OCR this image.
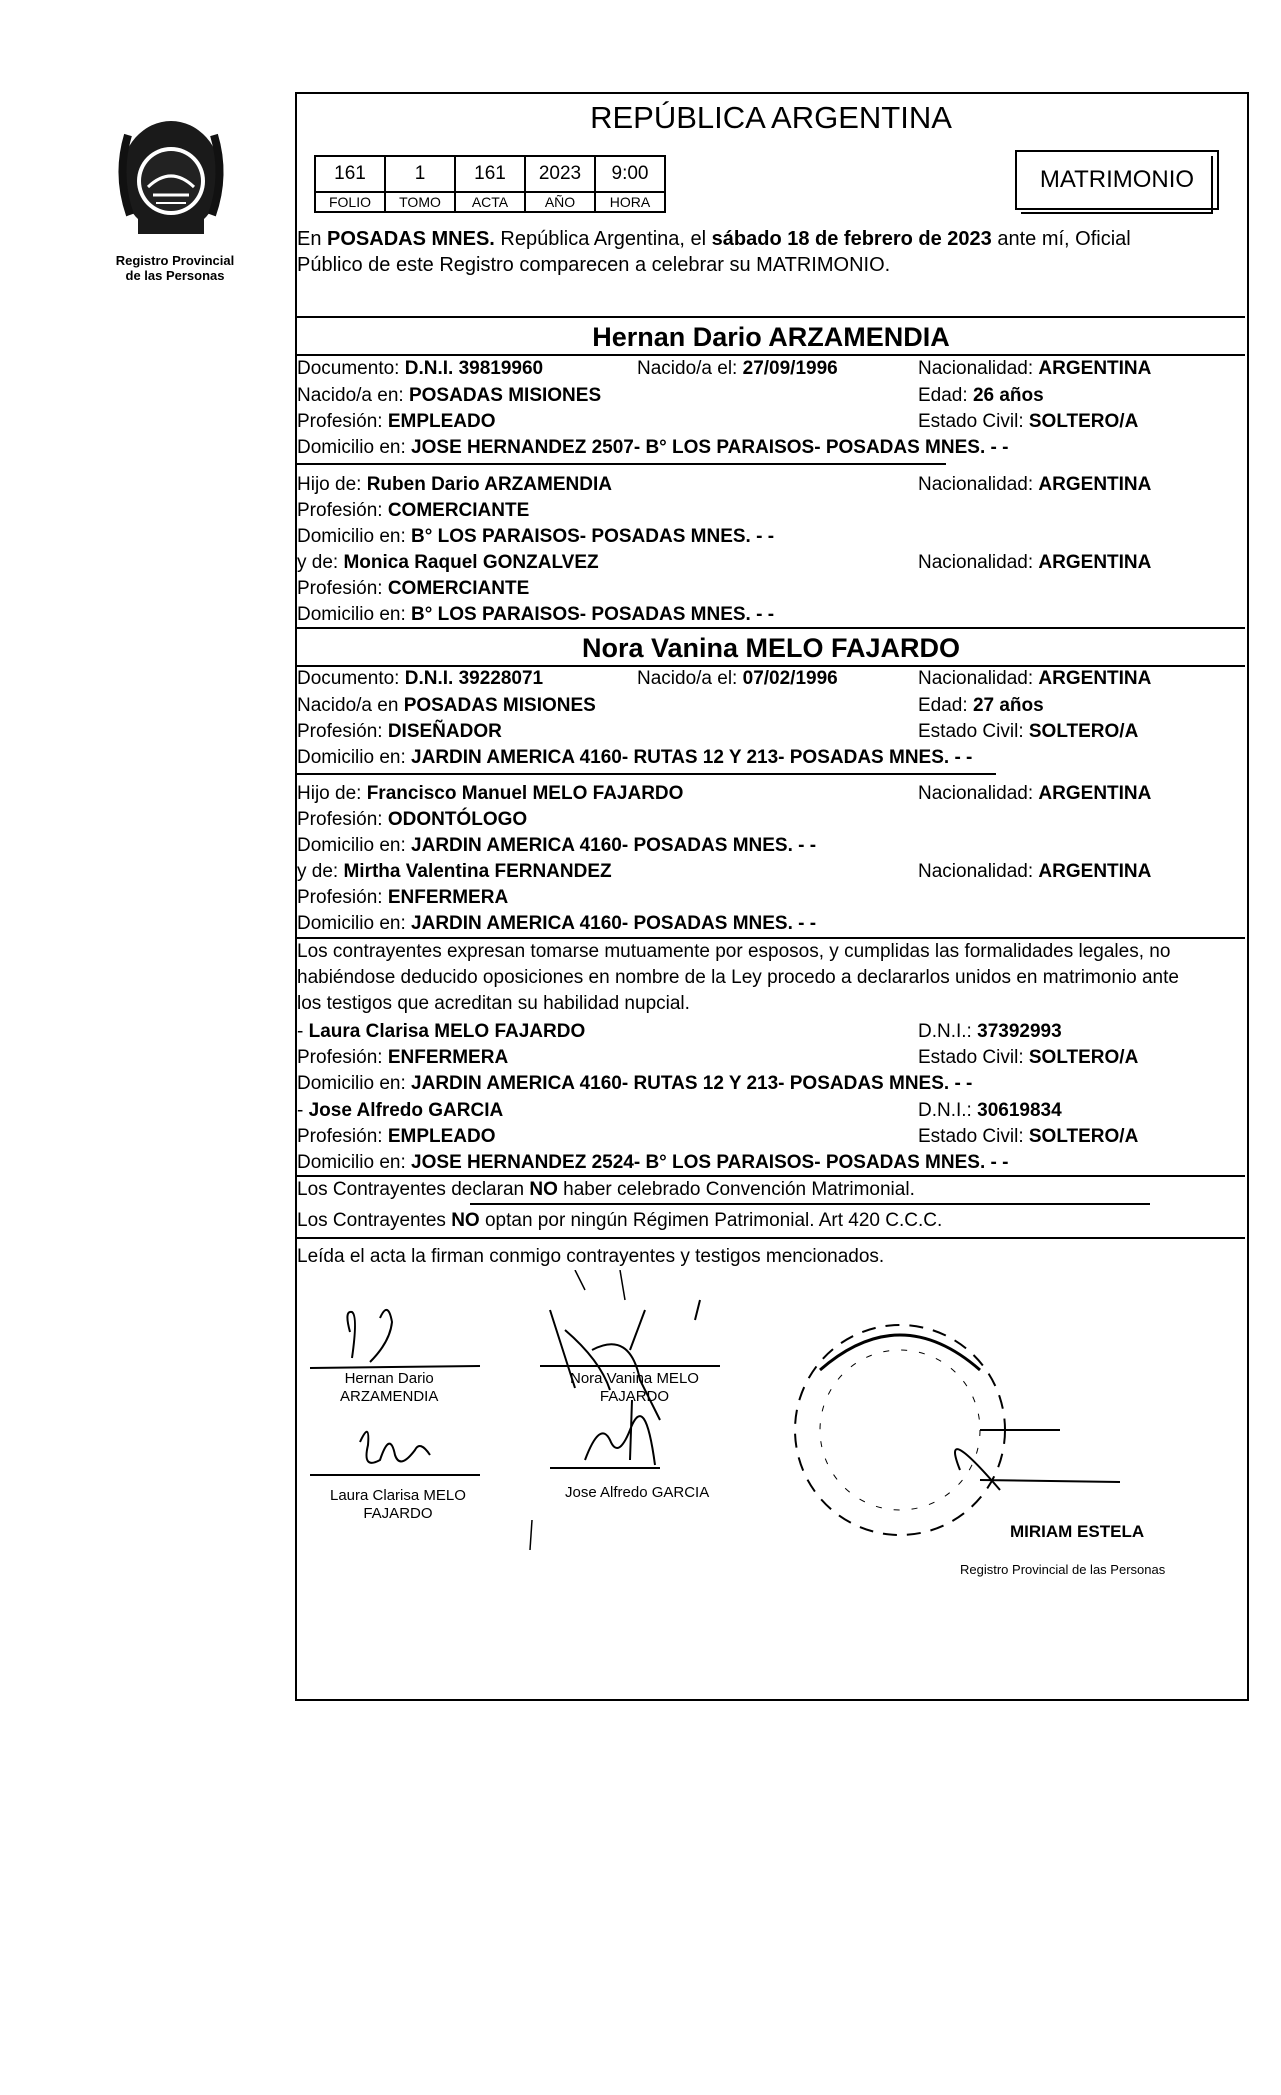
Registro Provincial
de las Personas
REPÚBLICA ARGENTINA
161	1	161	2023	9:00
FOLIO	TOMO	ACTA	AÑO	HORA
MATRIMONIO
En POSADAS MNES. República Argentina, el sábado 18 de febrero de 2023 ante mí, Oficial
Público de este Registro comparecen a celebrar su MATRIMONIO.
Hernan Dario ARZAMENDIA
Documento: D.N.I. 39819960	Nacido/a el: 27/09/1996	Nacionalidad: ARGENTINA
Nacido/a en: POSADAS MISIONES	Edad: 26 años
Profesión: EMPLEADO	Estado Civil: SOLTERO/A
Domicilio en: JOSE HERNANDEZ 2507- B° LOS PARAISOS- POSADAS MNES. - -
Hijo de: Ruben Dario ARZAMENDIA	Nacionalidad: ARGENTINA
Profesión: COMERCIANTE
Domicilio en: B° LOS PARAISOS- POSADAS MNES. - -
y de: Monica Raquel GONZALVEZ	Nacionalidad: ARGENTINA
Profesión: COMERCIANTE
Domicilio en: B° LOS PARAISOS- POSADAS MNES. - -
Nora Vanina MELO FAJARDO
Documento: D.N.I. 39228071	Nacido/a el: 07/02/1996	Nacionalidad: ARGENTINA
Nacido/a en POSADAS MISIONES	Edad: 27 años
Profesión: DISEÑADOR	Estado Civil: SOLTERO/A
Domicilio en: JARDIN AMERICA 4160- RUTAS 12 Y 213- POSADAS MNES. - -
Hijo de: Francisco Manuel MELO FAJARDO	Nacionalidad: ARGENTINA
Profesión: ODONTÓLOGO
Domicilio en: JARDIN AMERICA 4160- POSADAS MNES. - -
y de: Mirtha Valentina FERNANDEZ	Nacionalidad: ARGENTINA
Profesión: ENFERMERA
Domicilio en: JARDIN AMERICA 4160- POSADAS MNES. - -
Los contrayentes expresan tomarse mutuamente por esposos, y cumplidas las formalidades legales, no
habiéndose deducido oposiciones en nombre de la Ley procedo a declararlos unidos en matrimonio ante
los testigos que acreditan su habilidad nupcial.
- Laura Clarisa MELO FAJARDO	D.N.I.: 37392993
Profesión: ENFERMERA	Estado Civil: SOLTERO/A
Domicilio en: JARDIN AMERICA 4160- RUTAS 12 Y 213- POSADAS MNES. - -
- Jose Alfredo GARCIA	D.N.I.: 30619834
Profesión: EMPLEADO	Estado Civil: SOLTERO/A
Domicilio en: JOSE HERNANDEZ 2524- B° LOS PARAISOS- POSADAS MNES. - -
Los Contrayentes declaran NO haber celebrado Convención Matrimonial.
Los Contrayentes NO optan por ningún Régimen Patrimonial. Art 420 C.C.C.
Leída el acta la firman conmigo contrayentes y testigos mencionados.
Hernan Dario
ARZAMENDIA
Nora Vanina MELO
FAJARDO
Laura Clarisa MELO
FAJARDO
Jose Alfredo GARCIA
MIRIAM ESTELA
Registro Provincial de las Personas
